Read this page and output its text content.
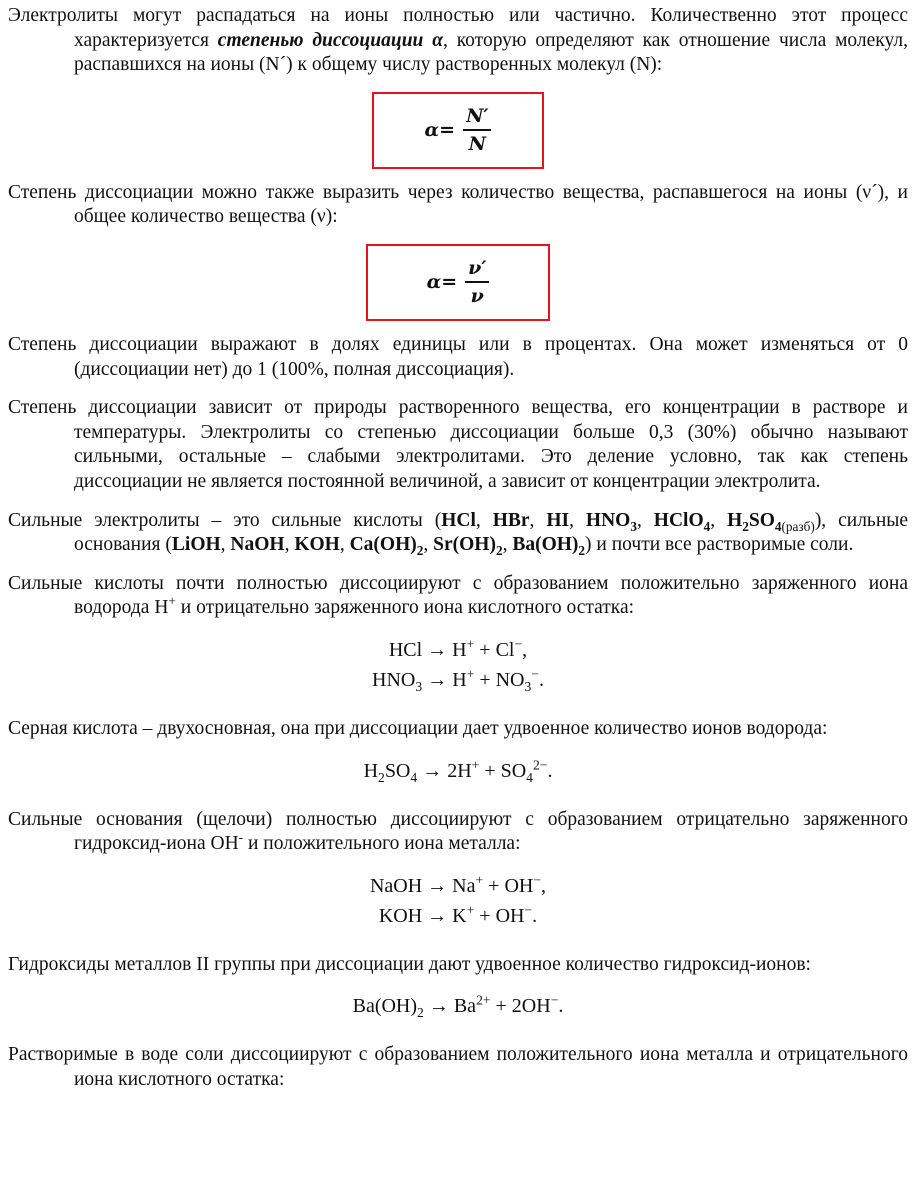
Электролиты могут распадаться на ионы полностью или частично. Количественно этот процесс характеризуется степенью диссоциации α, которую определяют как отношение числа молекул, распавшихся на ионы (N´) к общему числу растворенных молекул (N):

$\alpha = \frac{N'}{N}$

Степень диссоциации можно также выразить через количество вещества, распавшегося на ионы (ν´), и общее количество вещества (ν):

$\alpha = \frac{\nu'}{\nu}$

Степень диссоциации выражают в долях единицы или в процентах. Она может изменяться от 0 (диссоциации нет) до 1 (100%, полная диссоциация).

Степень диссоциации зависит от природы растворенного вещества, его концентрации в растворе и температуры. Электролиты со степенью диссоциации больше 0,3 (30%) обычно называют сильными, остальные – слабыми электролитами. Это деление условно, так как степень диссоциации не является постоянной величиной, а зависит от концентрации электролита.

Сильные электролиты – это сильные кислоты (HCl, HBr, HI, $HNO_3$, HClO$_4$, $H_2SO_{4(разб)}$), сильные основания (LiOH, NaOH, KOH, $Ca(OH)_2$, $Sr(OH)_2$, $Ba(OH)_2$) и почти все растворимые соли.

Сильные кислоты почти полностью диссоциируют с образованием положительно заряженного иона водорода H+ и отрицательно заряженного иона кислотного остатка:

HCl → H+ + Cl−,
$HNO_3 \to H^+ + NO_3^-$.

Серная кислота – двухосновная, она при диссоциации дает удвоенное количество ионов водорода:

$H_2SO_4 \to 2H^+ + SO_4^{2-}$.

Сильные основания (щелочи) полностью диссоциируют с образованием отрицательно заряженного гидроксид-иона OH- и положительного иона металла:

NaOH → Na+ + OH−,
KOH → K+ + OH−.

Гидроксиды металлов II группы при диссоциации дают удвоенное количество гидроксид-ионов:

$Ba(OH)_2 \to Ba^{2+} + 2OH^-$.

Растворимые в воде соли диссоциируют с образованием положительного иона металла и отрицательного иона кислотного остатка:
